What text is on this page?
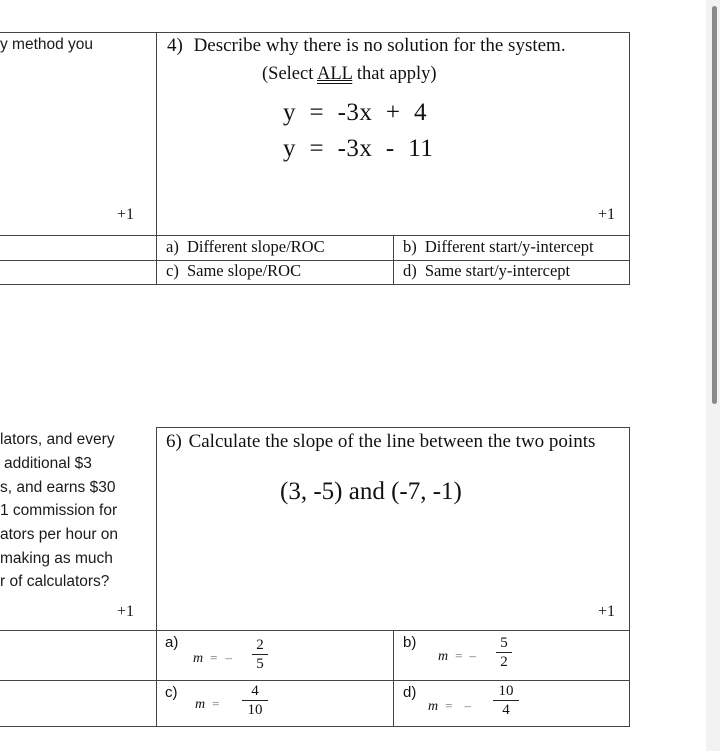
y method you
+1
4) Describe why there is no solution for the system.
(Select ALL that apply)
y  =  -3x  +  4
y  =  -3x  -  11
+1
a) Different slope/ROC	b) Different start/y-intercept
c) Same slope/ROC	d) Same start/y-intercept
lators, and every
additional $3
s, and earns $30
1 commission for
ators per hour on
making as much
r of calculators?
+1
6) Calculate the slope of the line between the two points
(3, -5) and (-7, -1)
+1
a)
m = –
2
5
b)
m = –
5
2
c)
m =
4
10
d)
m = –
10
4
